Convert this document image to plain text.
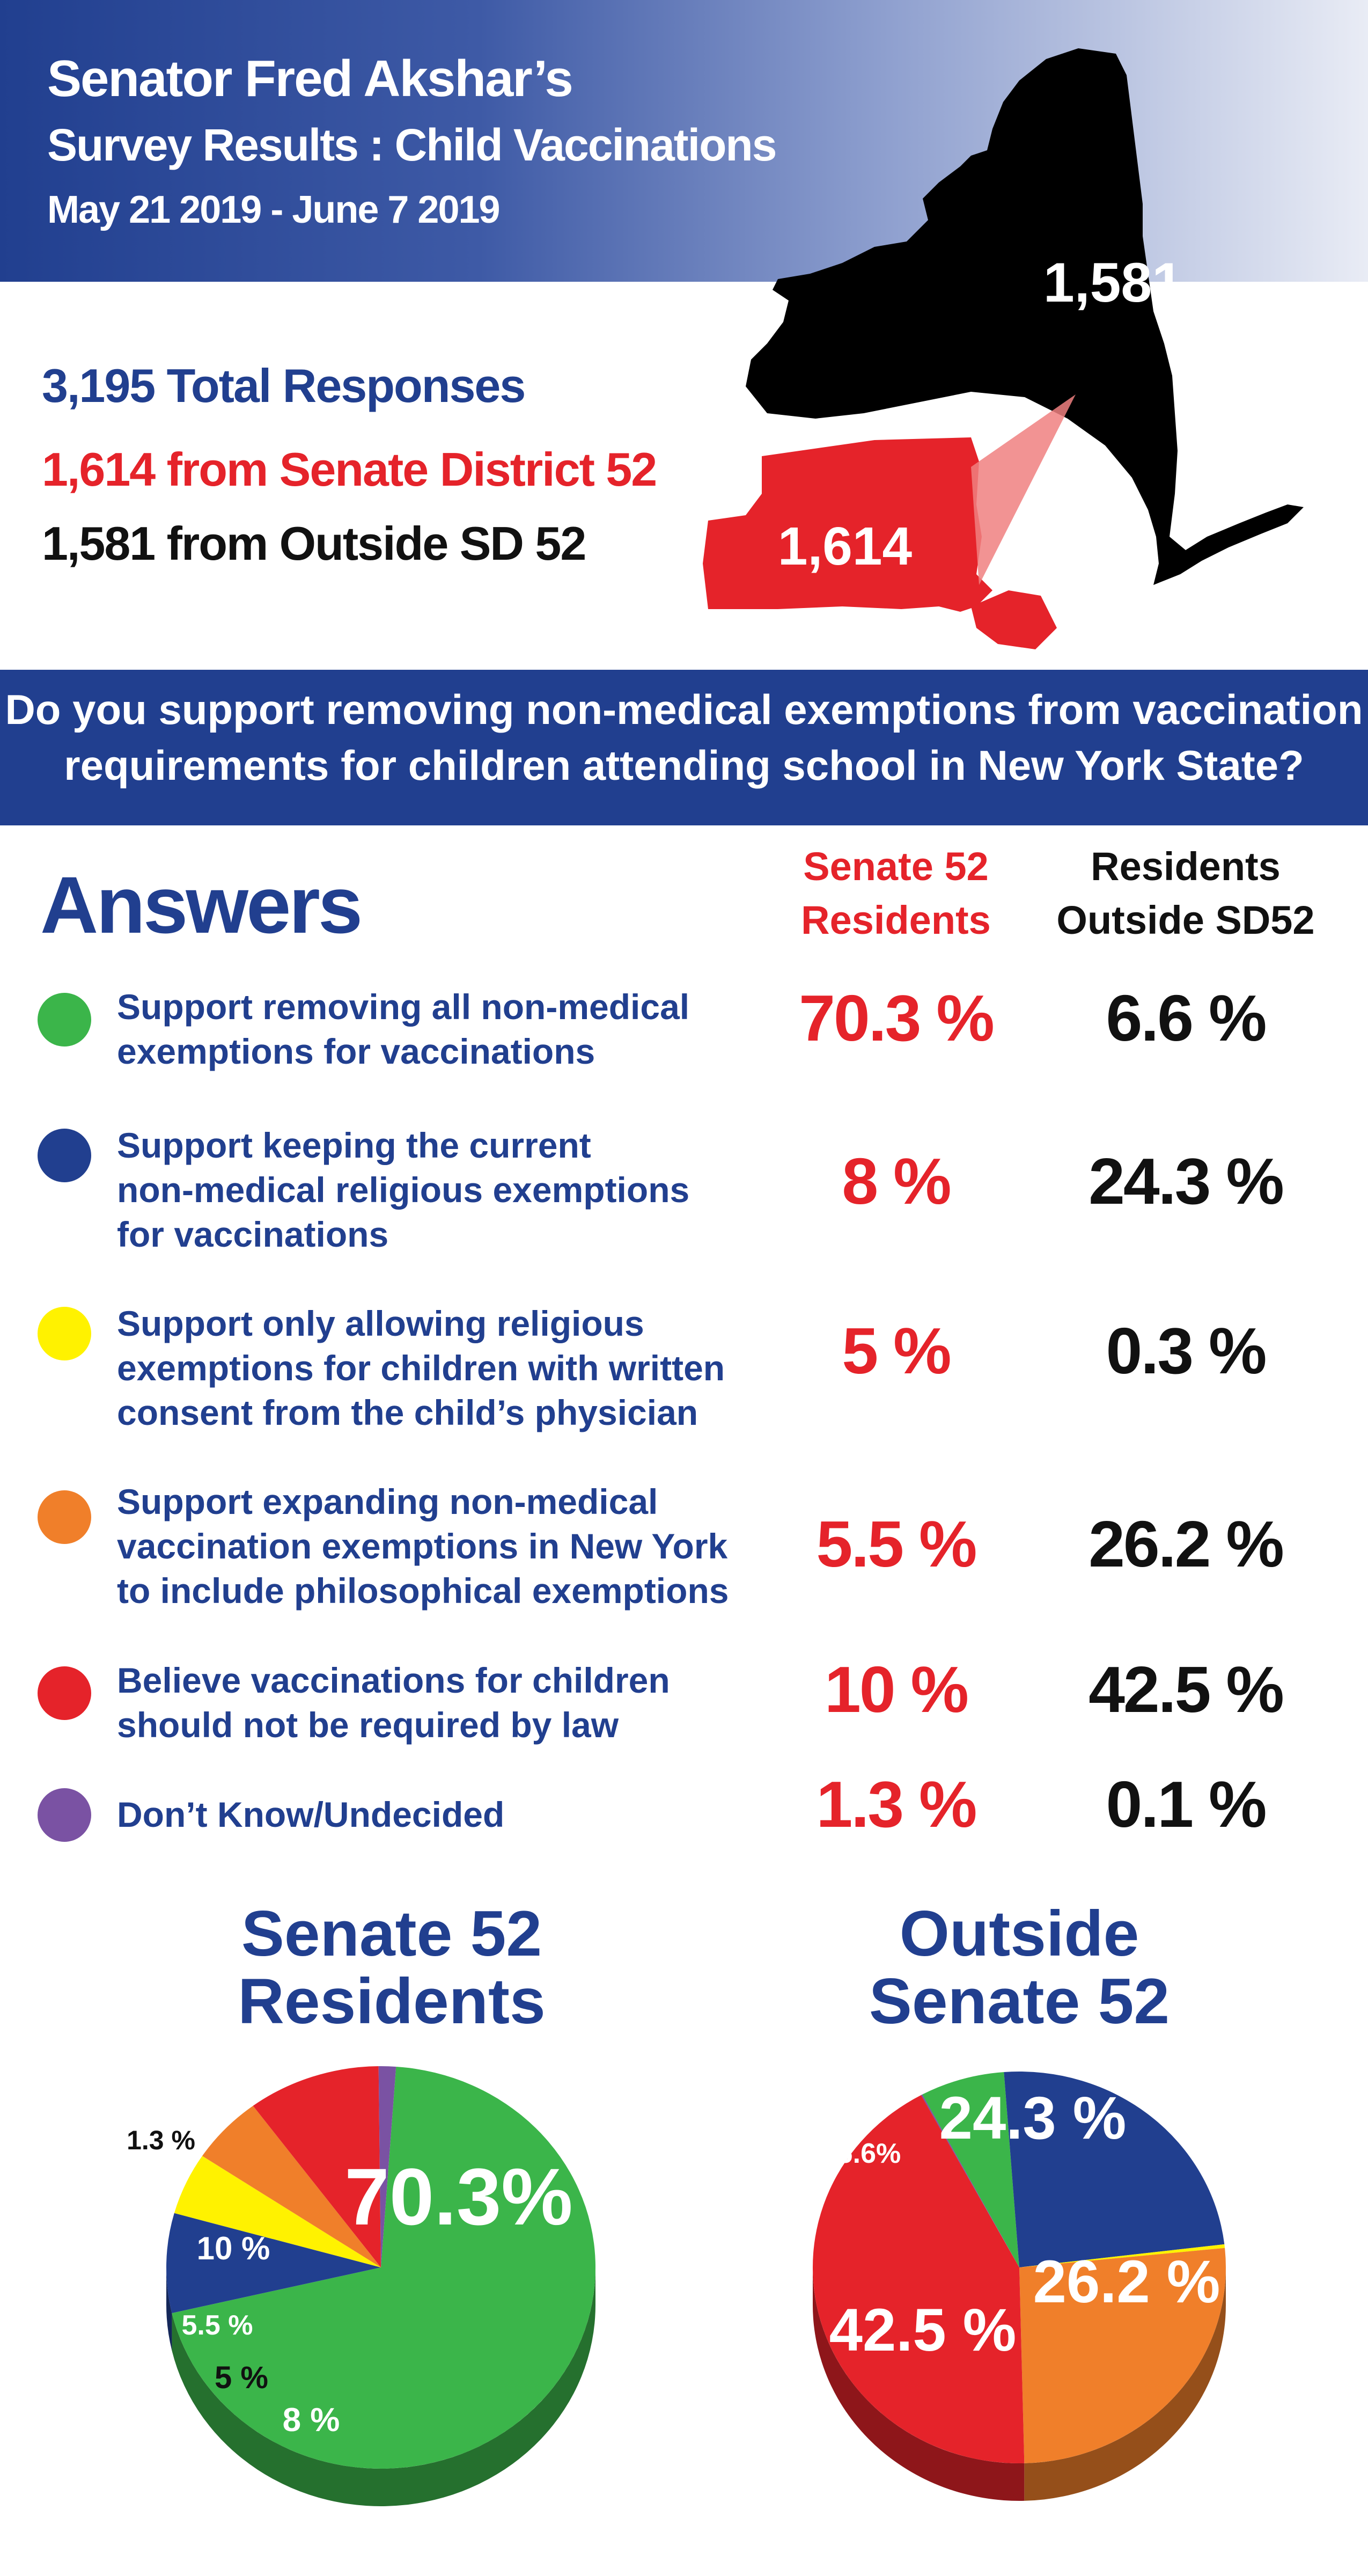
Senator Fred Akshar’s
Survey Results : Child Vaccinations
May 21 2019 - June 7 2019
1,581
1,614
3,195 Total Responses
1,614 from Senate District 52
1,581 from Outside SD 52
Do you support removing non-medical exemptions from vaccination
requirements for children attending school in New York State?
Answers	Senate 52
Residents
Residents
Outside SD52
Support removing all non-medical
exemptions for vaccinations	70.3 %	6.6 %
Support keeping the current
non-medical religious exemptions
for vaccinations
8 %	24.3 %
Support only allowing religious
exemptions for children with written
consent from the child’s physician
5 %	0.3 %
Support expanding non-medical
vaccination exemptions in New York
to include philosophical exemptions
5.5 %	26.2 %
Believe vaccinations for children
should not be required by law	10 %	42.5 %
Don’t Know/Undecided	1.3 %	0.1 %
Senate 52
Residents
Outside
Senate 52
70.3%
8 %
5 %
5.5 %
10 %
1.3 %	6.6%
24.3 %
26.2 %
42.5 %
